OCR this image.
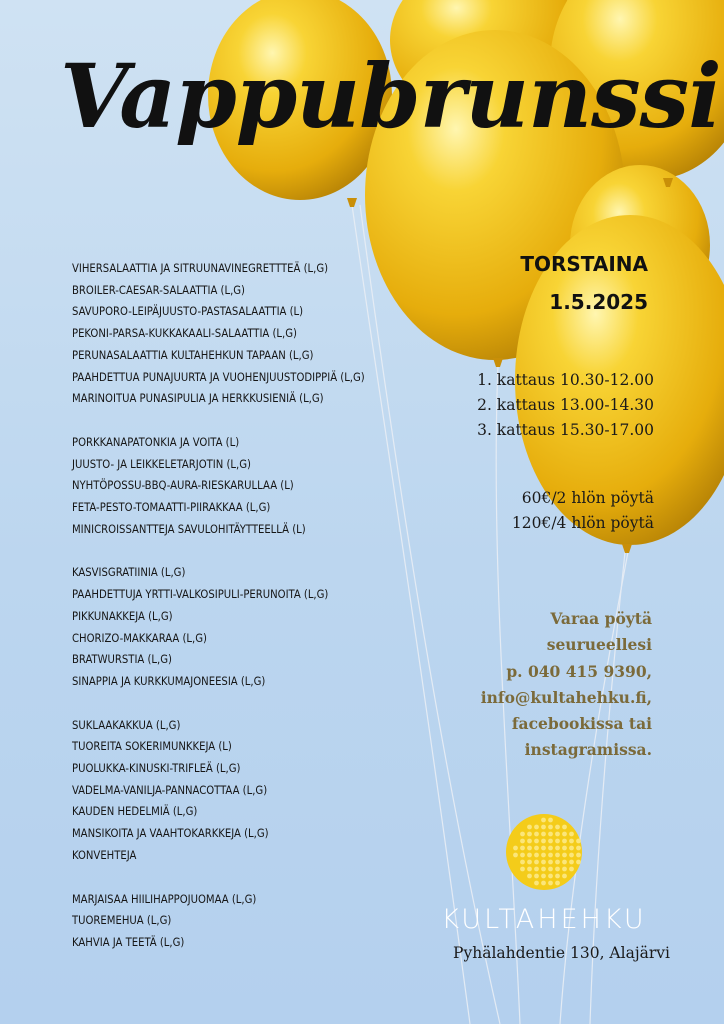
Vappubrunssi
VIHERSALAATTIA JA SITRUUNAVINEGRETTTEÄ (L,G)
BROILER-CAESAR-SALAATTIA (L,G)
SAVUPORO-LEIPÄJUUSTO-PASTASALAATTIA (L)
PEKONI-PARSA-KUKKAKAALI-SALAATTIA (L,G)
PERUNASALAATTIA KULTAHEHKUN TAPAAN (L,G)
PAAHDETTUA PUNAJUURTA JA VUOHENJUUSTODIPPIÄ (L,G)
MARINOITUA PUNASIPULIA JA HERKKUSIENIÄ (L,G)
PORKKANAPATONKIA JA VOITA (L)
JUUSTO- JA LEIKKELETARJOTIN (L,G)
NYHTÖPOSSU-BBQ-AURA-RIESKARULLAA (L)
FETA-PESTO-TOMAATTI-PIIRAKKAA (L,G)
MINICROISSANTTEJA SAVULOHITÄYTTEELLÄ (L)
KASVISGRATIINIA (L,G)
PAAHDETTUJA YRTTI-VALKOSIPULI-PERUNOITA (L,G)
PIKKUNAKKEJA (L,G)
CHORIZO-MAKKARAA (L,G)
BRATWURSTIA (L,G)
SINAPPIA JA KURKKUMAJONEESIA (L,G)
SUKLAAKAKKUA (L,G)
TUOREITA SOKERIMUNKKEJA (L)
PUOLUKKA-KINUSKI-TRIFLEÄ (L,G)
VADELMA-VANILJA-PANNACOTTAA (L,G)
KAUDEN HEDELMIÄ (L,G)
MANSIKOITA JA VAAHTOKARKKEJA (L,G)
KONVEHTEJA
MARJAISAA HIILIHAPPOJUOMAA (L,G)
TUOREMEHUA (L,G)
KAHVIA JA TEETÄ (L,G)
TORSTAINA
1.5.2025
1. kattaus 10.30-12.00
2. kattaus 13.00-14.30
3. kattaus 15.30-17.00
60€/2 hlön pöytä
120€/4 hlön pöytä
Varaa pöytä
seurueellesi
p. 040 415 9390,
info@kultahehku.fi,
facebookissa tai
instagramissa.
KULTAHEHKU
Pyhälahdentie 130, Alajärvi
